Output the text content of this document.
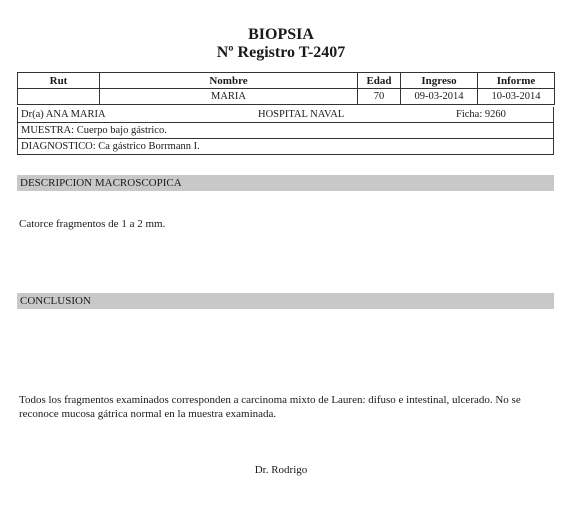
BIOPSIA
Nº Registro T-2407
Rut	Nombre	Edad	Ingreso	Informe
	MARIA	70	09-03-2014	10-03-2014
Dr(a) ANA MARIA	HOSPITAL NAVAL	Ficha: 9260
MUESTRA: Cuerpo bajo gástrico.
DIAGNOSTICO: Ca gástrico Borrmann I.
DESCRIPCION MACROSCOPICA
Catorce fragmentos de 1 a 2 mm.
CONCLUSION
Todos los fragmentos examinados corresponden a carcinoma mixto de Lauren: difuso e intestinal, ulcerado. No se reconoce mucosa gátrica normal en la muestra examinada.
Dr. Rodrigo
